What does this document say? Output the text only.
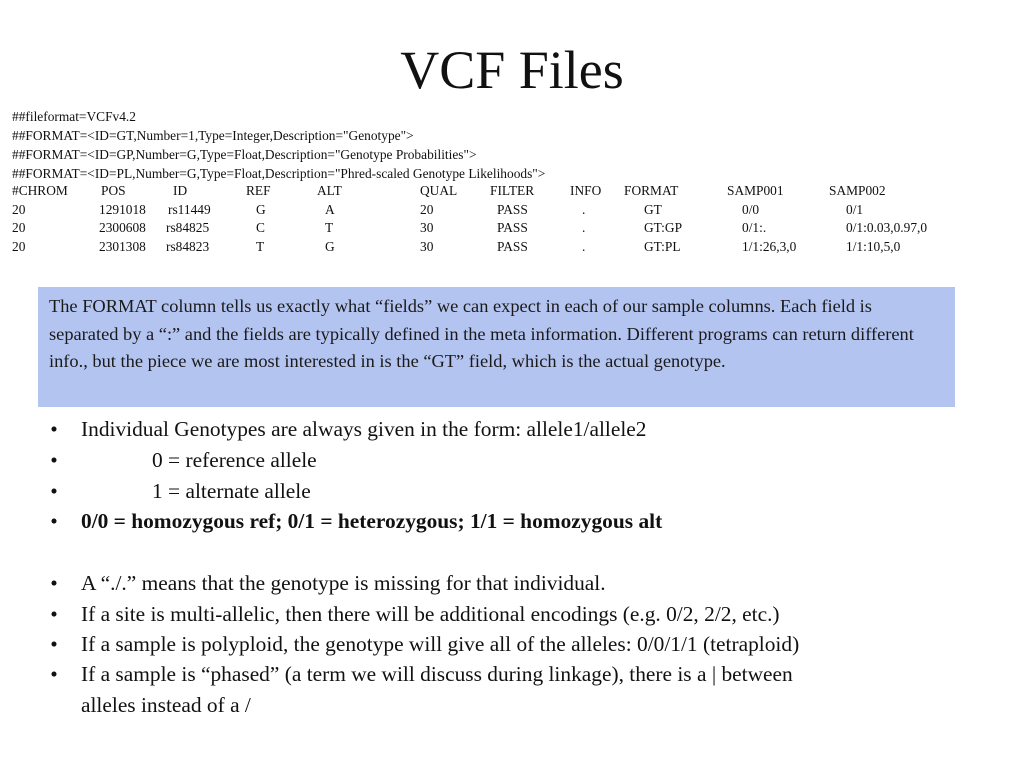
VCF Files
##fileformat=VCFv4.2
##FORMAT=<ID=GT,Number=1,Type=Integer,Description="Genotype">
##FORMAT=<ID=GP,Number=G,Type=Float,Description="Genotype Probabilities">
##FORMAT=<ID=PL,Number=G,Type=Float,Description="Phred-scaled Genotype Likelihoods">
#CHROM POS	ID	REF	ALT	QUAL FILTER	INFO FORMAT	SAMP001	SAMP002
20	1291018 rs11449	G	A	20	PASS	.	GT	0/0	0/1
20	2300608 rs84825	C	T	30	PASS	.	GT:GP	0/1:.	0/1:0.03,0.97,0
20	2301308 rs84823	T	G	30	PASS	.	GT:PL	1/1:26,3,0	1/1:10,5,0

The FORMAT column tells us exactly what “fields” we can expect in each of our sample columns. Each field is separated by a “:” and the fields are typically defined in the meta information. Different programs can return different info., but the piece we are most interested in is the “GT” field, which is the actual genotype.

• Individual Genotypes are always given in the form: allele1/allele2
•	0 = reference allele
•	1 = alternate allele
• 0/0 = homozygous ref; 0/1 = heterozygous; 1/1 = homozygous alt
• A “./.” means that the genotype is missing for that individual.
• If a site is multi-allelic, then there will be additional encodings (e.g. 0/2, 2/2, etc.)
• If a sample is polyploid, the genotype will give all of the alleles: 0/0/1/1 (tetraploid)
• If a sample is “phased” (a term we will discuss during linkage), there is a | between
alleles instead of a /
